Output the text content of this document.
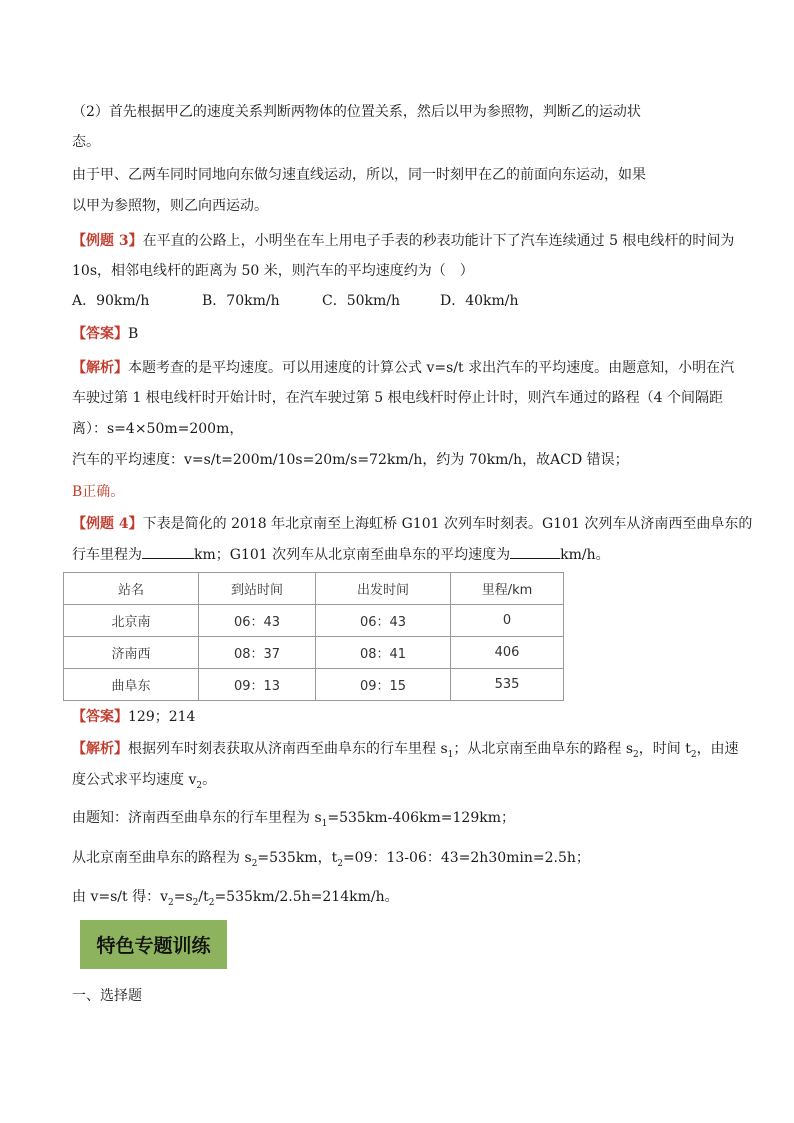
（2）首先根据甲乙的速度关系判断两物体的位置关系，然后以甲为参照物，判断乙的运动状
态。
由于甲、乙两车同时同地向东做匀速直线运动，所以，同一时刻甲在乙的前面向东运动，如果
以甲为参照物，则乙向西运动。
【例题 3】在平直的公路上，小明坐在车上用电子手表的秒表功能计下了汽车连续通过 5 根电线杆的时间为
10s，相邻电线杆的距离为 50 米，则汽车的平均速度约为（　）
A．90km/h	B．70km/h	C．50km/h	D．40km/h
【答案】B
【解析】本题考查的是平均速度。可以用速度的计算公式 v=s/t 求出汽车的平均速度。由题意知，小明在汽
车驶过第 1 根电线杆时开始计时，在汽车驶过第 5 根电线杆时停止计时，则汽车通过的路程（4 个间隔距
离）：s=4×50m=200m，
汽车的平均速度：v=s/t=200m/10s=20m/s=72km/h，约为 70km/h，故ACD 错误；
B正确。
【例题 4】下表是简化的 2018 年北京南至上海虹桥 G101 次列车时刻表。G101 次列车从济南西至曲阜东的
行车里程为	km；G101 次列车从北京南至曲阜东的平均速度为	km/h。
站名	到站时间	出发时间	里程/km
北京南	06：43	06：43	0
济南西	08：37	08：41	406
曲阜东	09：13	09：15	535
【答案】129；214
【解析】根据列车时刻表获取从济南西至曲阜东的行车里程 $s_1$；从北京南至曲阜东的路程 $s_2$，时间 $t_2$，由速
度公式求平均速度 $v_2$。
由题知：济南西至曲阜东的行车里程为 $s_1=535km-406km=129km$；
从北京南至曲阜东的路程为 $s_2=535km$，$t_2=09$：13-06：43=2h30min=2.5h；
由 v=s/t 得：$v_2=s_2/t_2=535km/2.5h=214km/h$。
特色专题训练
一、选择题
